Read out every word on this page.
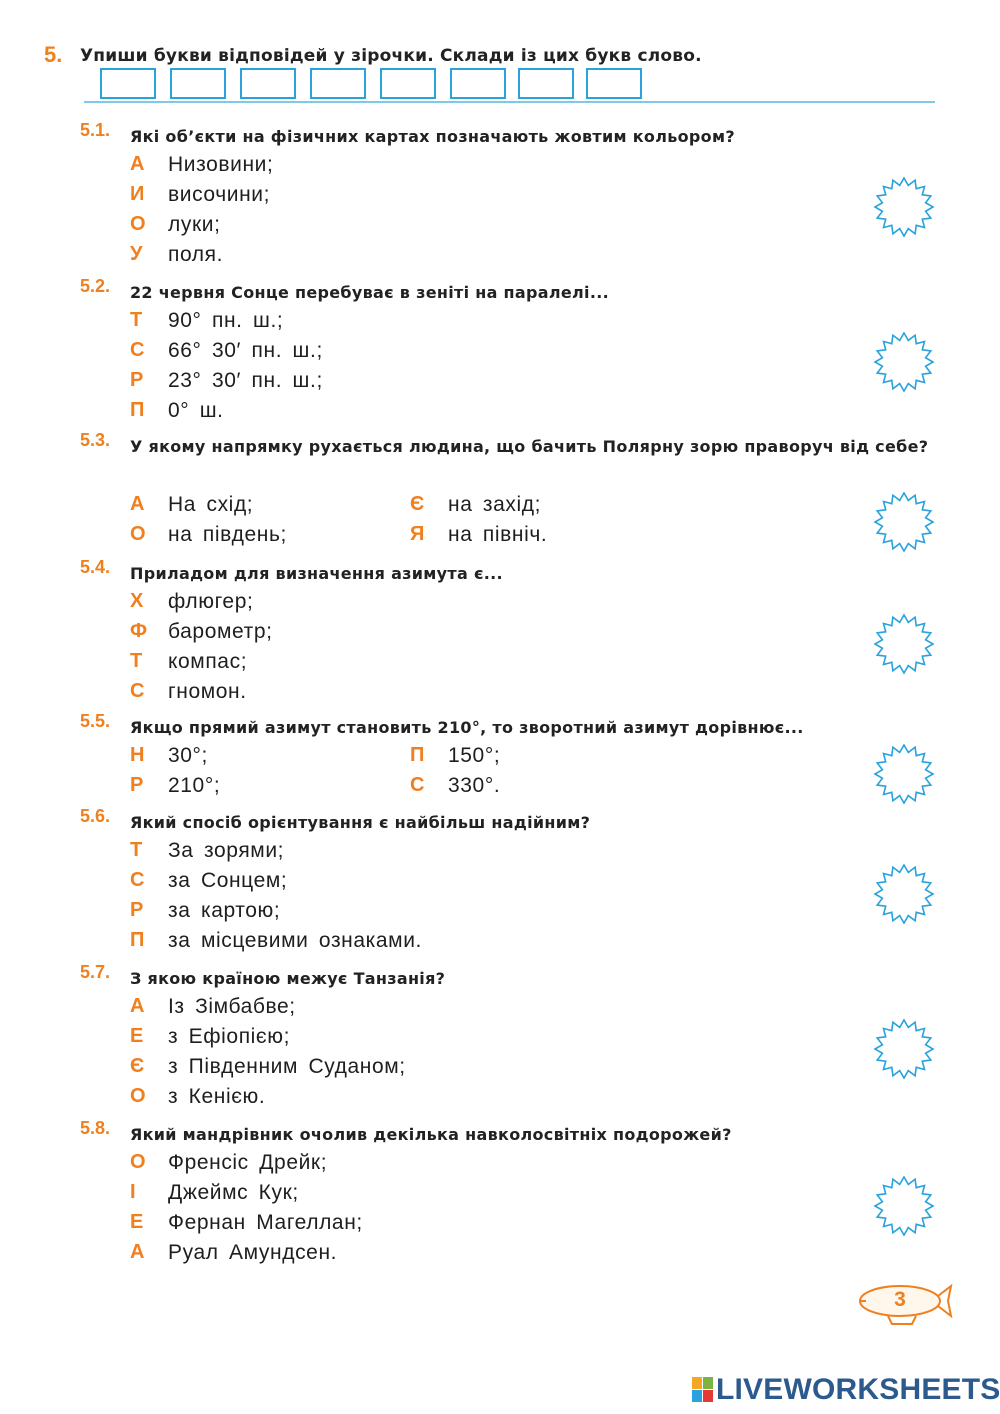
5. Упиши букви відповідей у зірочки. Склади із цих букв слово.
5.1. Які об’єкти на фізичних картах позначають жовтим кольором?
А Низовини;
И височини;
О луки;
У поля.
5.2. 22 червня Сонце перебуває в зеніті на паралелі...
Т 90° пн. ш.;
С 66° 30′ пн. ш.;
Р 23° 30′ пн. ш.;
П 0° ш.
5.3. У якому напрямку рухається людина, що бачить Полярну зорю праворуч від себе?
А На схід;	Є на захід;
О на південь;	Я на північ.
5.4. Приладом для визначення азимута є...
Х флюгер;
Ф барометр;
Т компас;
С гномон.
5.5. Якщо прямий азимут становить 210°, то зворотний азимут дорівнює...
Н 30°;	П 150°;
Р 210°;	С 330°.
5.6. Який спосіб орієнтування є найбільш надійним?
Т За зорями;
С за Сонцем;
Р за картою;
П за місцевими ознаками.
5.7. З якою країною межує Танзанія?
А Із Зімбабве;
Е з Ефіопією;
Є з Південним Суданом;
О з Кенією.
5.8. Який мандрівник очолив декілька навколосвітніх подорожей?
О Френсіс Дрейк;
І Джеймс Кук;
Е Фернан Магеллан;
А Руал Амундсен.
3
LIVEWORKSHEETS
